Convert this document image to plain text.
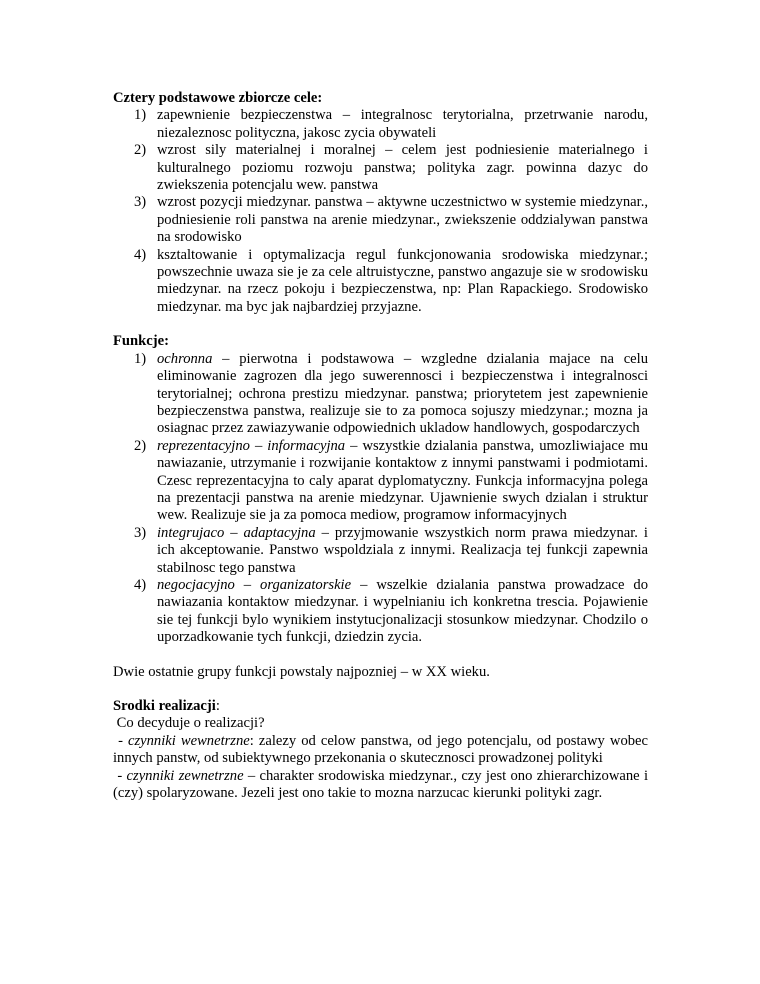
Cztery podstawowe zbiorcze cele:

1) zapewnienie bezpieczenstwa – integralnosc terytorialna, przetrwanie narodu, niezaleznosc polityczna, jakosc zycia obywateli
2) wzrost sily materialnej i moralnej – celem jest podniesienie materialnego i kulturalnego poziomu rozwoju panstwa; polityka zagr. powinna dazyc do zwiekszenia potencjalu wew. panstwa
3) wzrost pozycji miedzynar. panstwa – aktywne uczestnictwo w systemie miedzynar., podniesienie roli panstwa na arenie miedzynar., zwiekszenie oddzialywan panstwa na srodowisko
4) ksztaltowanie i optymalizacja regul funkcjonowania srodowiska miedzynar.; powszechnie uwaza sie je za cele altruistyczne, panstwo angazuje sie w srodowisku miedzynar. na rzecz pokoju i bezpieczenstwa, np: Plan Rapackiego. Srodowisko miedzynar. ma byc jak najbardziej przyjazne.

Funkcje:

1) ochronna – pierwotna i podstawowa – wzgledne dzialania majace na celu eliminowanie zagrozen dla jego suwerennosci i bezpieczenstwa i integralnosci terytorialnej; ochrona prestizu miedzynar. panstwa; priorytetem jest zapewnienie bezpieczenstwa panstwa, realizuje sie to za pomoca sojuszy miedzynar.; mozna ja osiagnac przez zawiazywanie odpowiednich ukladow handlowych, gospodarczych
2) reprezentacyjno – informacyjna – wszystkie dzialania panstwa, umozliwiajace mu nawiazanie, utrzymanie i rozwijanie kontaktow z innymi panstwami i podmiotami. Czesc reprezentacyjna to caly aparat dyplomatyczny. Funkcja informacyjna polega na prezentacji panstwa na arenie miedzynar. Ujawnienie swych dzialan i struktur wew. Realizuje sie ja za pomoca mediow, programow informacyjnych
3) integrujaco – adaptacyjna – przyjmowanie wszystkich norm prawa miedzynar. i ich akceptowanie. Panstwo wspoldziala z innymi. Realizacja tej funkcji zapewnia stabilnosc tego panstwa
4) negocjacyjno – organizatorskie – wszelkie dzialania panstwa prowadzace do nawiazania kontaktow miedzynar. i wypelnianiu ich konkretna trescia. Pojawienie sie tej funkcji bylo wynikiem instytucjonalizacji stosunkow miedzynar. Chodzilo o uporzadkowanie tych funkcji, dziedzin zycia.

Dwie ostatnie grupy funkcji powstaly najpozniej – w XX wieku.

Srodki realizacji:

Co decyduje o realizacji?

- czynniki wewnetrzne: zalezy od celow panstwa, od jego potencjalu, od postawy wobec innych panstw, od subiektywnego przekonania o skutecznosci prowadzonej polityki

- czynniki zewnetrzne – charakter srodowiska miedzynar., czy jest ono zhierarchizowane i (czy) spolaryzowane. Jezeli jest ono takie to mozna narzucac kierunki polityki zagr.
